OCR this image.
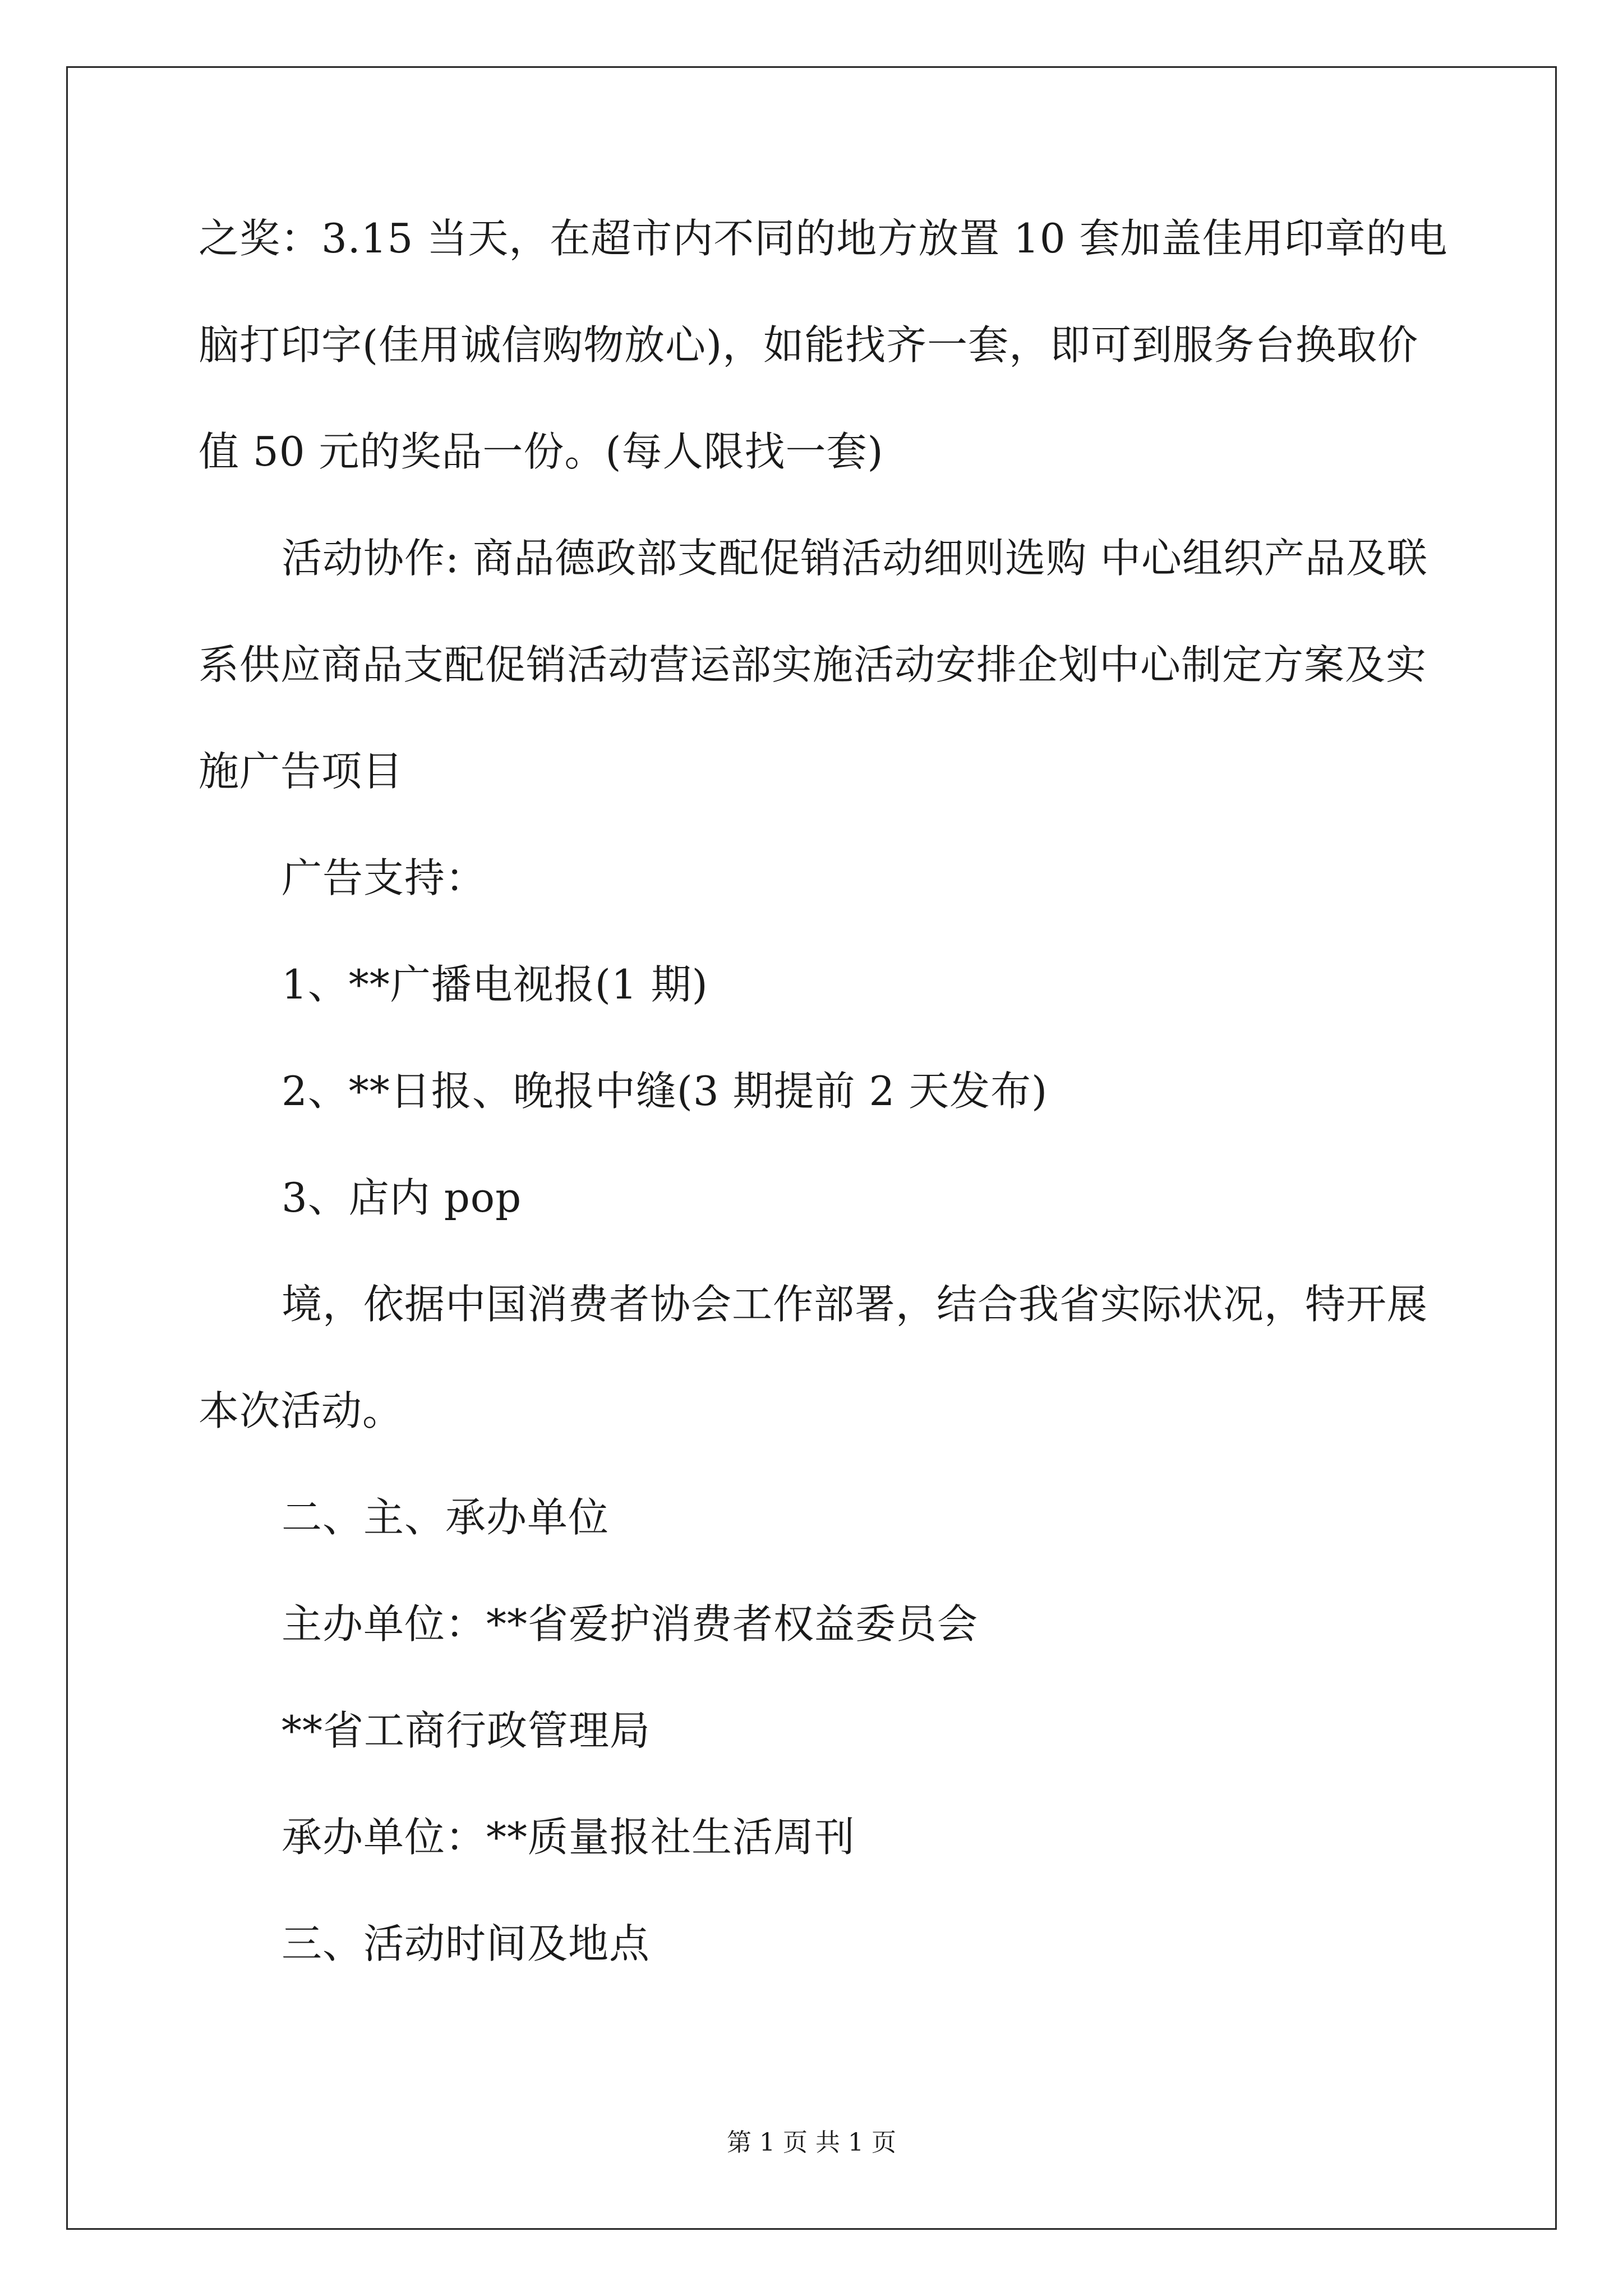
之奖：3.15 当天，在超市内不同的地方放置 10 套加盖佳用印章的电
脑打印字(佳用诚信购物放心)，如能找齐一套，即可到服务台换取价
值 50 元的奖品一份。(每人限找一套)
活动协作: 商品德政部支配促销活动细则选购 中心组织产品及联
系供应商品支配促销活动营运部实施活动安排企划中心制定方案及实
施广告项目
广告支持：
1、**广播电视报(1 期)
2、**日报、晚报中缝(3 期提前 2 天发布)
3、店内 pop
境，依据中国消费者协会工作部署，结合我省实际状况，特开展
本次活动。
二、主、承办单位
主办单位：**省爱护消费者权益委员会
**省工商行政管理局
承办单位：**质量报社生活周刊
三、活动时间及地点
第 1 页 共 1 页
